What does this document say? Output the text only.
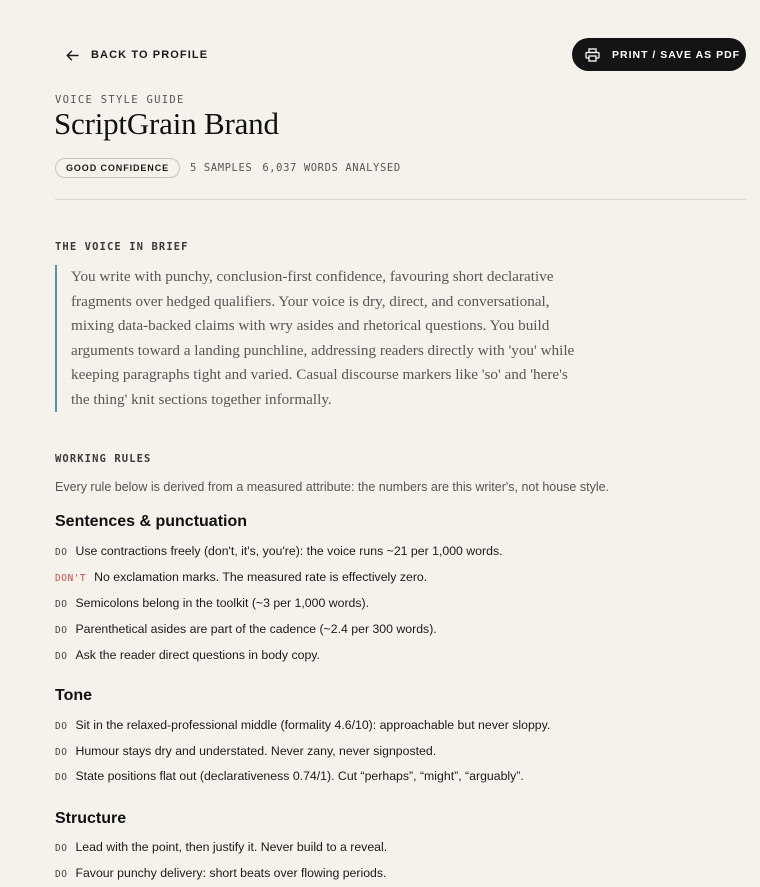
BACK TO PROFILE	PRINT / SAVE AS PDF
VOICE STYLE GUIDE
ScriptGrain Brand
GOOD CONFIDENCE	5 SAMPLES 6,037 WORDS ANALYSED
THE VOICE IN BRIEF
You write with punchy, conclusion-first confidence, favouring short declarative
fragments over hedged qualifiers. Your voice is dry, direct, and conversational,
mixing data-backed claims with wry asides and rhetorical questions. You build
arguments toward a landing punchline, addressing readers directly with 'you' while
keeping paragraphs tight and varied. Casual discourse markers like 'so' and 'here's
the thing' knit sections together informally.
WORKING RULES
Every rule below is derived from a measured attribute: the numbers are this writer's, not house style.
Sentences & punctuation
DO Use contractions freely (don't, it's, you're): the voice runs ~21 per 1,000 words.
DON'T No exclamation marks. The measured rate is effectively zero.
DO Semicolons belong in the toolkit (~3 per 1,000 words).
DO Parenthetical asides are part of the cadence (~2.4 per 300 words).
DO Ask the reader direct questions in body copy.
Tone
DO Sit in the relaxed-professional middle (formality 4.6/10): approachable but never sloppy.
DO Humour stays dry and understated. Never zany, never signposted.
DO State positions flat out (declarativeness 0.74/1). Cut “perhaps”, “might”, “arguably”.
Structure
DO Lead with the point, then justify it. Never build to a reveal.
DO Favour punchy delivery: short beats over flowing periods.
